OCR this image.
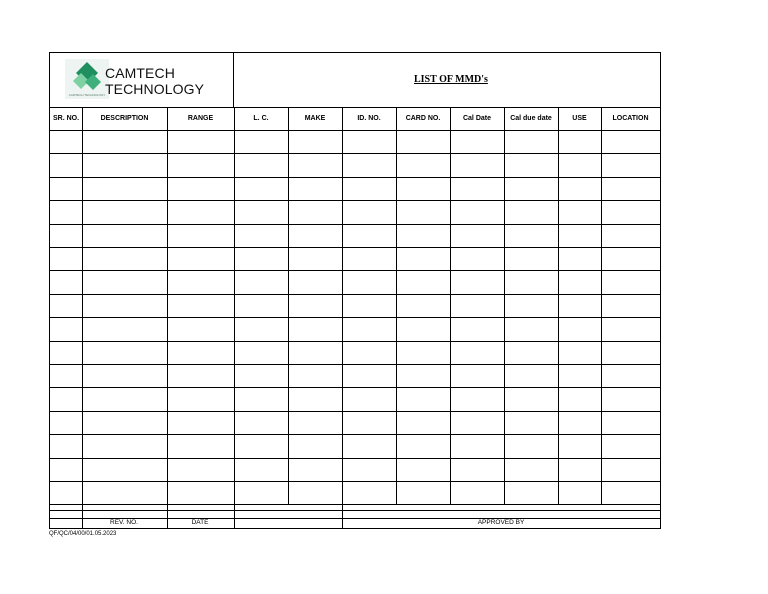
CAMTECH TECHNOLOGY
CAMTECH
TECHNOLOGY
LIST OF MMD's
SR. NO.	DESCRIPTION	RANGE	L. C.	MAKE	ID. NO.	CARD NO.	Cal Date	Cal due date	USE	LOCATION
REV. NO.	DATE	APPROVED BY
QF/QC/04/00/01.05.2023
